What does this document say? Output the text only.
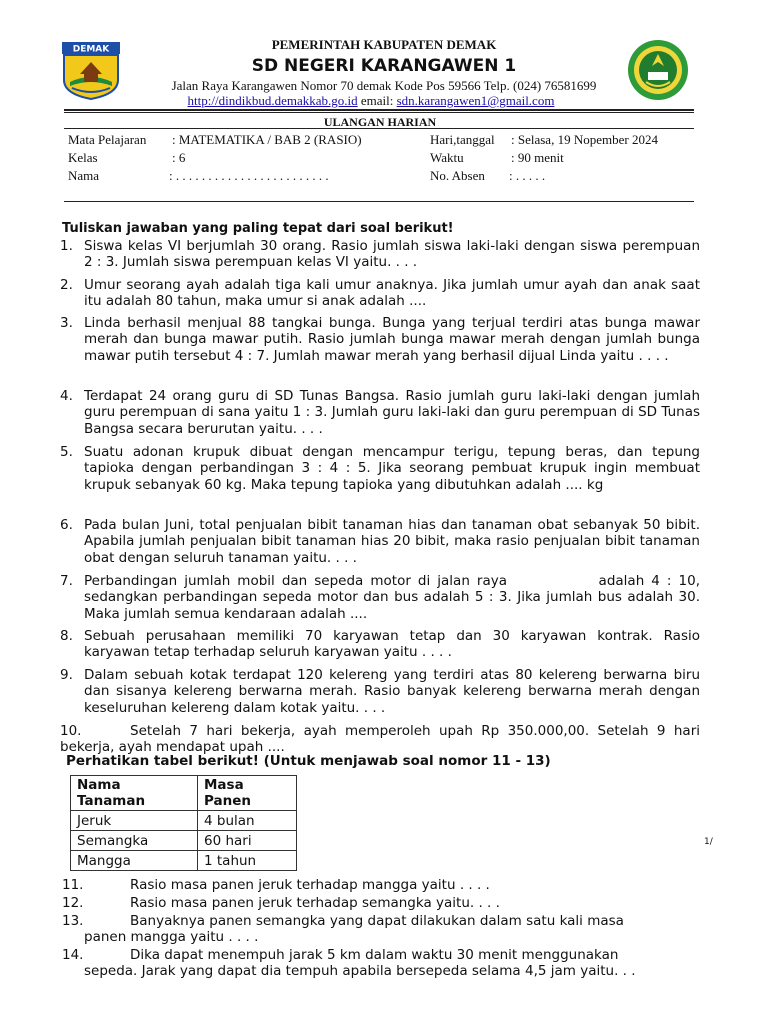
DEMAK	PEMERINTAH KABUPATEN DEMAK
SD NEGERI KARANGAWEN 1
Jalan Raya Karangawen Nomor 70 demak Kode Pos 59566 Telp. (024) 76581699
http://dindikbud.demakkab.go.id email: sdn.karangawen1@gmail.com
ULANGAN HARIAN
Mata Pelajaran : MATEMATIKA / BAB 2 (RASIO)
Kelas	: 6
Nama	: . . . . . . . . . . . . . . . . . . . . . . . .
Hari,tanggal : Selasa, 19 Nopember 2024
Waktu	: 90 menit
No. Absen : . . . . .
Tuliskan jawaban yang paling tepat dari soal berikut!
1. Siswa kelas VI berjumlah 30 orang. Rasio jumlah siswa laki-laki dengan siswa perempuan 2 : 3. Jumlah siswa perempuan kelas VI yaitu. . . .
2. Umur seorang ayah adalah tiga kali umur anaknya. Jika jumlah umur ayah dan anak saat itu adalah 80 tahun, maka umur si anak adalah ....
3. Linda berhasil menjual 88 tangkai bunga. Bunga yang terjual terdiri atas bunga mawar merah dan bunga mawar putih. Rasio jumlah bunga mawar merah dengan jumlah bunga mawar putih tersebut 4 : 7. Jumlah mawar merah yang berhasil dijual Linda yaitu . . . .
4. Terdapat 24 orang guru di SD Tunas Bangsa. Rasio jumlah guru laki-laki dengan jumlah guru perempuan di sana yaitu 1 : 3. Jumlah guru laki-laki dan guru perempuan di SD Tunas Bangsa secara berurutan yaitu. . . .
5. Suatu adonan krupuk dibuat dengan mencampur terigu, tepung beras, dan tepung tapioka dengan perbandingan 3 : 4 : 5. Jika seorang pembuat krupuk ingin membuat krupuk sebanyak 60 kg. Maka tepung tapioka yang dibutuhkan adalah .... kg
6. Pada bulan Juni, total penjualan bibit tanaman hias dan tanaman obat sebanyak 50 bibit. Apabila jumlah penjualan bibit tanaman hias 20 bibit, maka rasio penjualan bibit tanaman obat dengan seluruh tanaman yaitu. . . .
7. Perbandingan jumlah mobil dan sepeda motor di jalan raya             adalah 4 : 10, sedangkan perbandingan sepeda motor dan bus adalah 5 : 3. Jika jumlah bus adalah 30. Maka jumlah semua kendaraan adalah ....
8. Sebuah perusahaan memiliki 70 karyawan tetap dan 30 karyawan kontrak. Rasio karyawan tetap terhadap seluruh karyawan yaitu . . . .
9. Dalam sebuah kotak terdapat 120 kelereng yang terdiri atas 80 kelereng berwarna biru dan sisanya kelereng berwarna merah. Rasio banyak kelereng berwarna merah dengan keseluruhan kelereng dalam kotak yaitu. . . .
10.	Setelah 7 hari bekerja, ayah memperoleh upah Rp 350.000,00. Setelah 9 hari bekerja, ayah mendapat upah ....
Perhatikan tabel berikut! (Untuk menjawab soal nomor 11 - 13)
Nama Tanaman	Masa Panen
Jeruk	4 bulan
Semangka	60 hari
Mangga	1 tahun
1/
11.	Rasio masa panen jeruk terhadap mangga yaitu . . . .
12.	Rasio masa panen jeruk terhadap semangka yaitu. . . .
13.	Banyaknya panen semangka yang dapat dilakukan dalam satu kali masa
panen mangga yaitu . . . .
14.	Dika dapat menempuh jarak 5 km dalam waktu 30 menit menggunakan
sepeda. Jarak yang dapat dia tempuh apabila bersepeda selama 4,5 jam yaitu. . .
